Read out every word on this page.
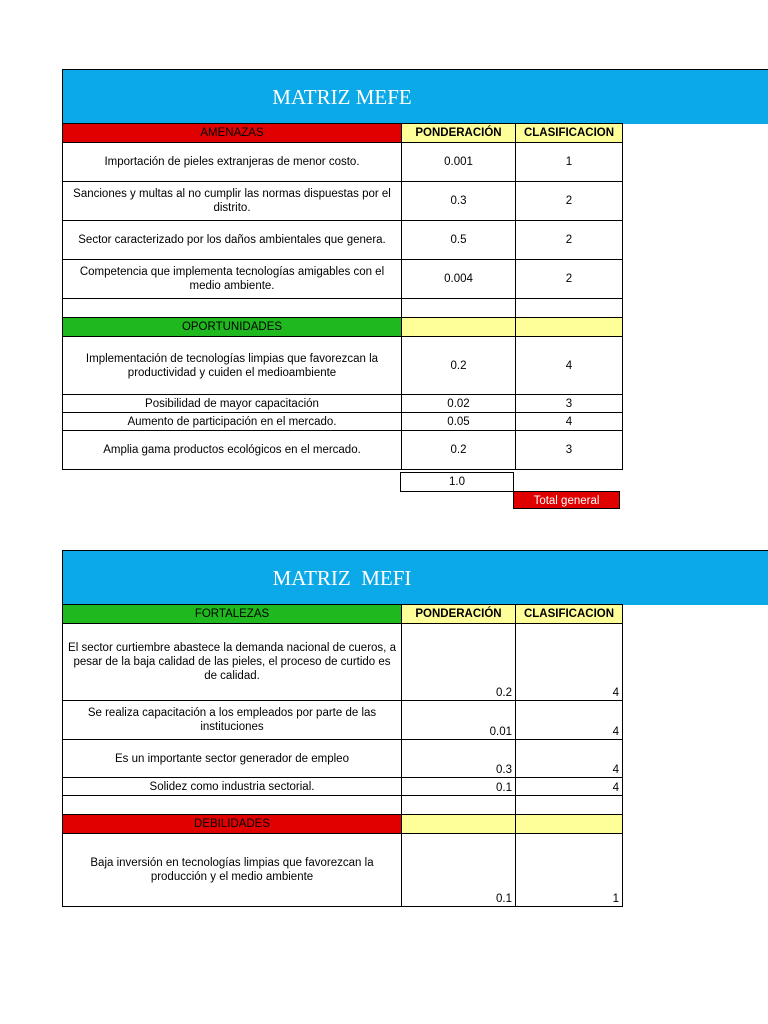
MATRIZ MEFE
AMENAZAS	PONDERACIÓN	CLASIFICACION
Importación de pieles extranjeras de menor costo.	0.001	1
Sanciones y multas al no cumplir las normas dispuestas por el distrito.	0.3	2
Sector caracterizado por los daños ambientales que genera.	0.5	2
Competencia que implementa tecnologías amigables con el medio ambiente.	0.004	2

OPORTUNIDADES		
Implementación de tecnologías limpias que favorezcan la productividad y cuiden el medioambiente	0.2	4
Posibilidad de mayor capacitación	0.02	3
Aumento de participación en el mercado.	0.05	4
Amplia gama productos ecológicos en el mercado.	0.2	3
1.0
Total general
MATRIZ  MEFI
FORTALEZAS	PONDERACIÓN	CLASIFICACION
El sector curtiembre abastece la demanda nacional de cueros, a pesar de la baja calidad de las pieles, el proceso de curtido es de calidad.	0.2	4
Se realiza capacitación a los empleados por parte de las instituciones	0.01	4
Es un importante sector generador de empleo	0.3	4
Solidez como industria sectorial.	0.1	4

DEBILIDADES		
Baja inversión en tecnologías limpias que favorezcan la producción y el medio ambiente	0.1	1
